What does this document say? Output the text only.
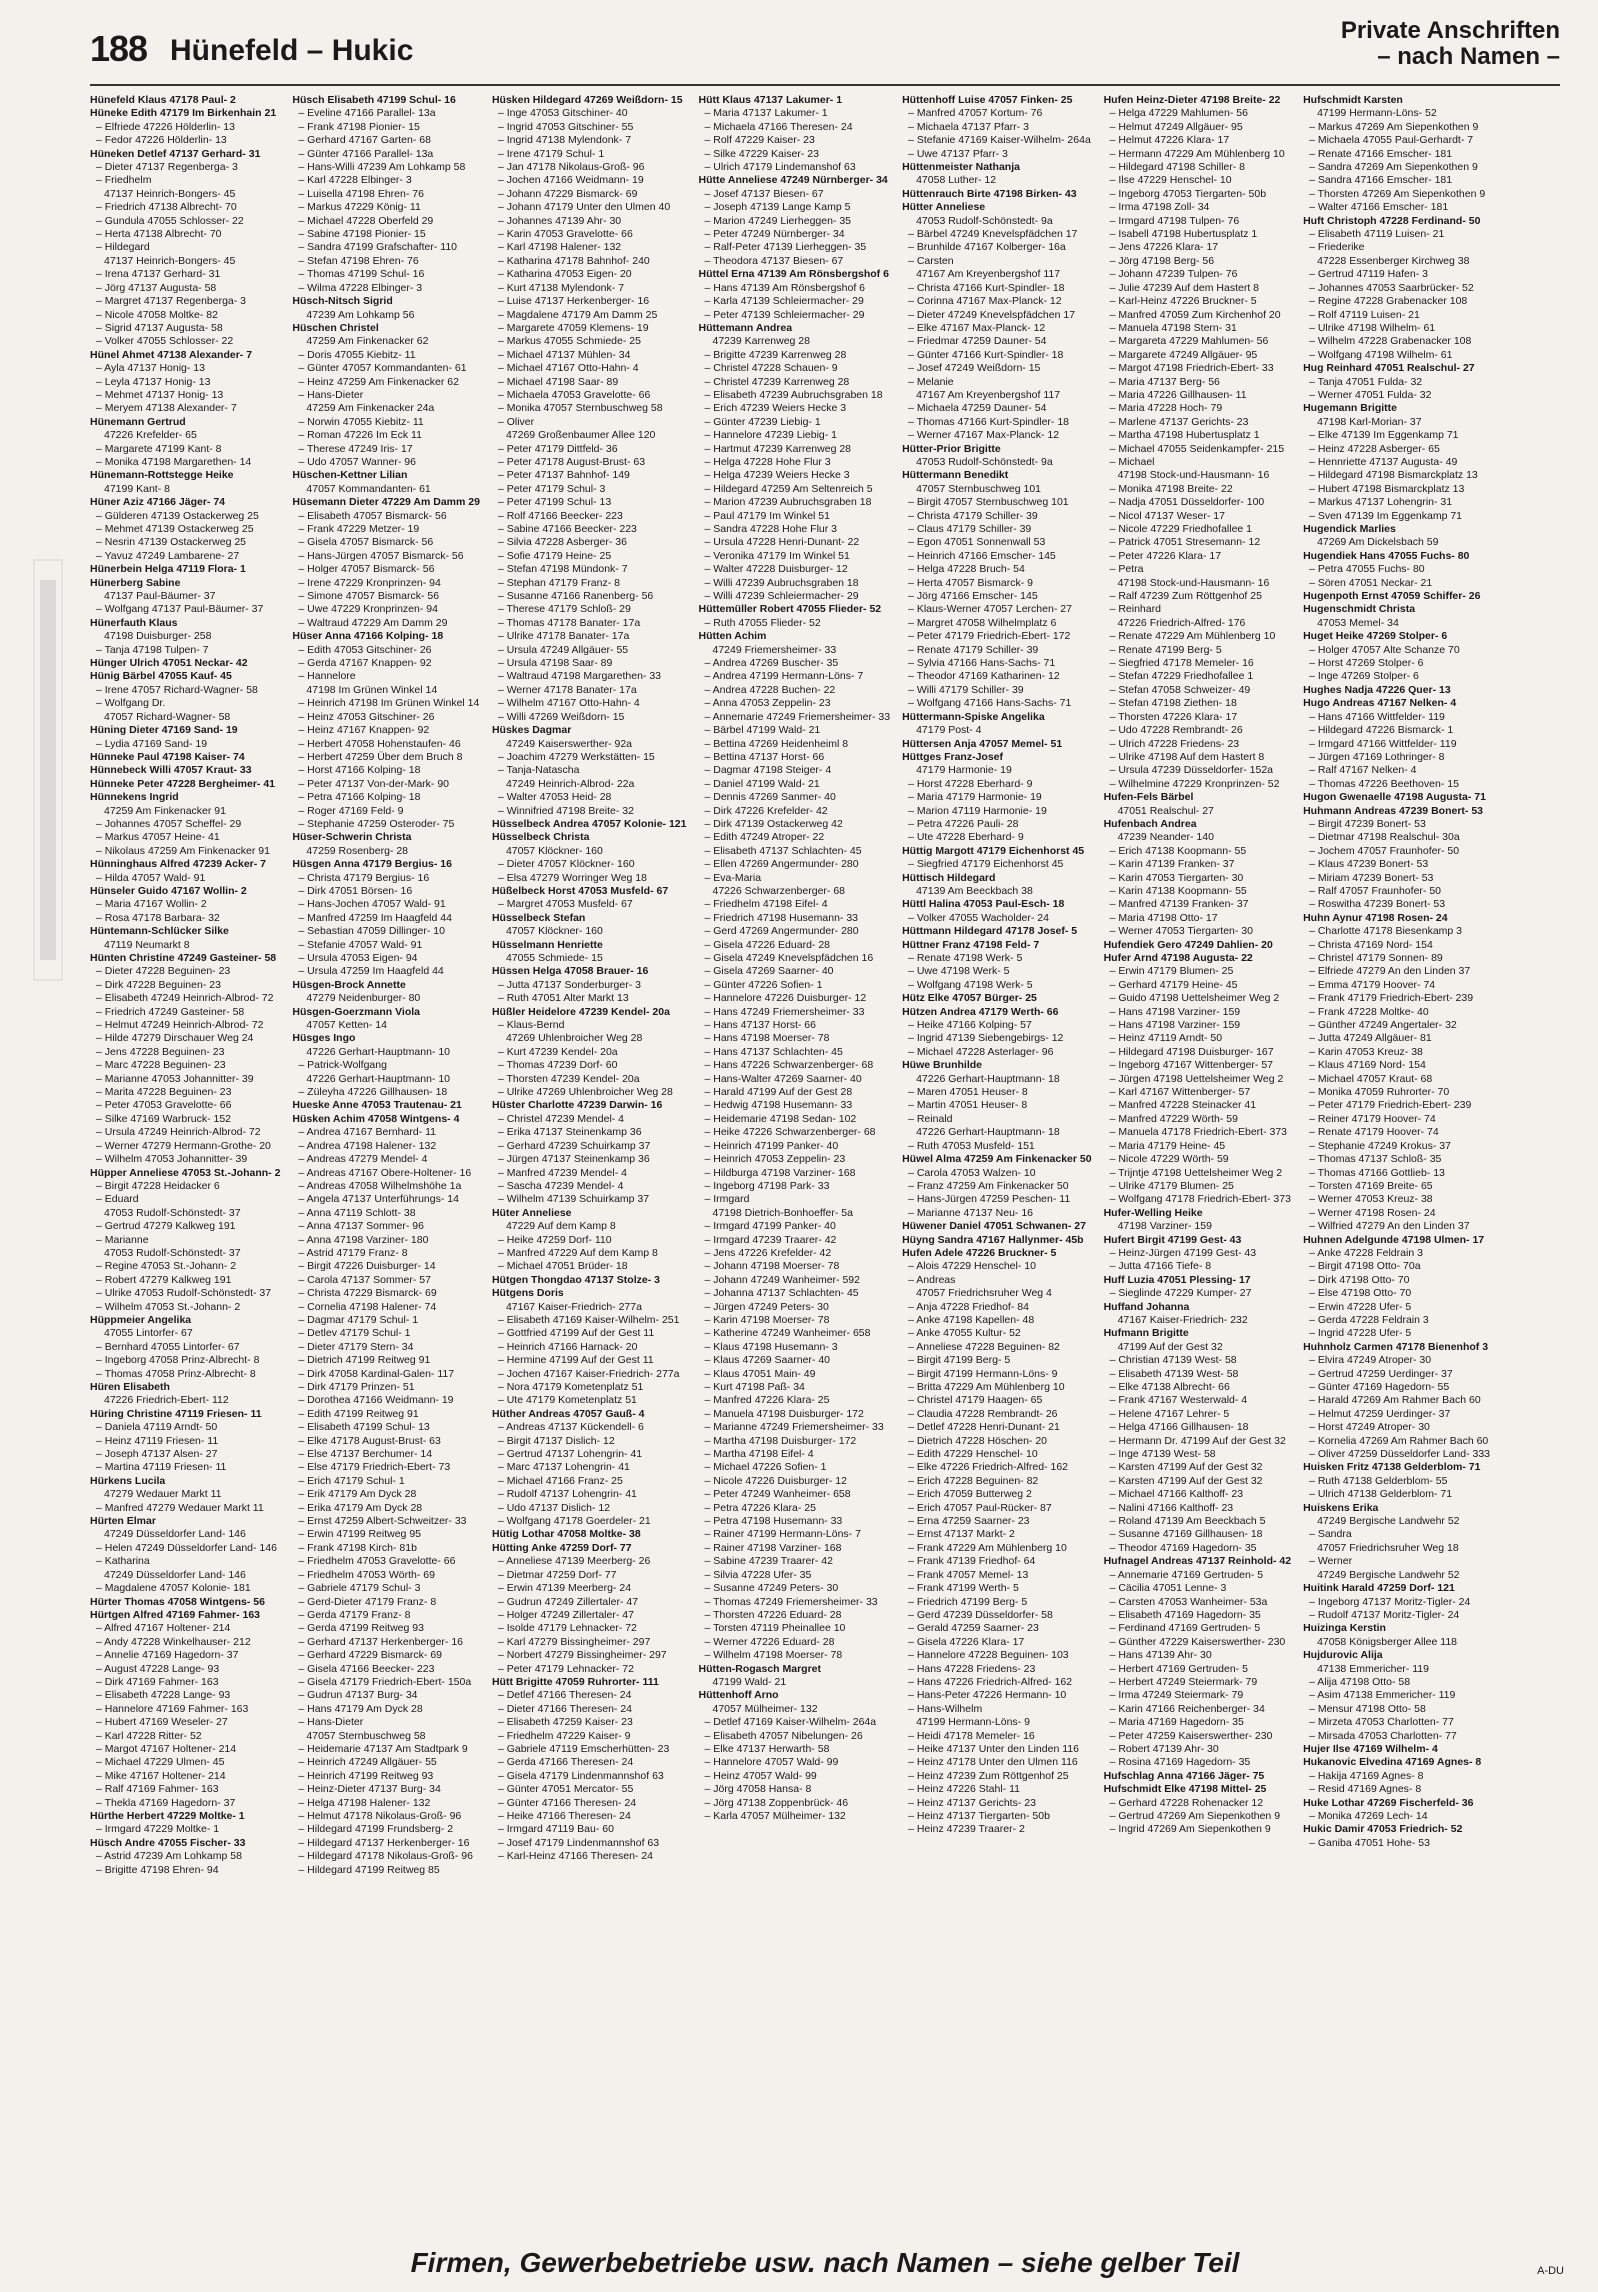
188 Hünefeld – Hukic
Private Anschriften
– nach Namen –
Hünefeld Klaus 47178 Paul- 2
Hüneke Edith 47179 Im Birkenhain 21
– Elfriede 47226 Hölderlin- 13
– Fedor 47226 Hölderlin- 13
Hüneken Detlef 47137 Gerhard- 31
– Dieter 47137 Regenberga- 3
– Friedhelm
47137 Heinrich-Bongers- 45
– Friedrich 47138 Albrecht- 70
– Gundula 47055 Schlosser- 22
– Herta 47138 Albrecht- 70
– Hildegard
47137 Heinrich-Bongers- 45
– Irena 47137 Gerhard- 31
– Jörg 47137 Augusta- 58
– Margret 47137 Regenberga- 3
– Nicole 47058 Moltke- 82
– Sigrid 47137 Augusta- 58
– Volker 47055 Schlosser- 22
Hünel Ahmet 47138 Alexander- 7
– Ayla 47137 Honig- 13
– Leyla 47137 Honig- 13
– Mehmet 47137 Honig- 13
– Meryem 47138 Alexander- 7
Hünemann Gertrud
47226 Krefelder- 65
– Margarete 47199 Kant- 8
– Monika 47198 Margarethen- 14
Hünemann-Rottstegge Heike
47199 Kant- 8
Hüner Aziz 47166 Jäger- 74
– Gülderen 47139 Ostackerweg 25
– Mehmet 47139 Ostackerweg 25
– Nesrin 47139 Ostackerweg 25
– Yavuz 47249 Lambarene- 27
Hünerbein Helga 47119 Flora- 1
Hünerberg Sabine
47137 Paul-Bäumer- 37
– Wolfgang 47137 Paul-Bäumer- 37
Hünerfauth Klaus
47198 Duisburger- 258
– Tanja 47198 Tulpen- 7
Hünger Ulrich 47051 Neckar- 42
Hünig Bärbel 47055 Kauf- 45
– Irene 47057 Richard-Wagner- 58
– Wolfgang Dr.
47057 Richard-Wagner- 58
Hüning Dieter 47169 Sand- 19
– Lydia 47169 Sand- 19
Hünneke Paul 47198 Kaiser- 74
Hünnebeck Willi 47057 Kraut- 33
Hünneke Peter 47228 Bergheimer- 41
Hünnekens Ingrid
47259 Am Finkenacker 91
– Johannes 47057 Scheffel- 29
– Markus 47057 Heine- 41
– Nikolaus 47259 Am Finkenacker 91
Hünninghaus Alfred 47239 Acker- 7
– Hilda 47057 Wald- 91
Hünseler Guido 47167 Wollin- 2
– Maria 47167 Wollin- 2
– Rosa 47178 Barbara- 32
Hüntemann-Schlücker Silke
47119 Neumarkt 8
Hünten Christine 47249 Gasteiner- 58
– Dieter 47228 Beguinen- 23
– Dirk 47228 Beguinen- 23
– Elisabeth 47249 Heinrich-Albrod- 72
– Friedrich 47249 Gasteiner- 58
– Helmut 47249 Heinrich-Albrod- 72
– Hilde 47279 Dirschauer Weg 24
– Jens 47228 Beguinen- 23
– Marc 47228 Beguinen- 23
– Marianne 47053 Johannitter- 39
– Marita 47228 Beguinen- 23
– Peter 47053 Gravelotte- 66
– Silke 47169 Warbruck- 152
– Ursula 47249 Heinrich-Albrod- 72
– Werner 47279 Hermann-Grothe- 20
– Wilhelm 47053 Johannitter- 39
Hüpper Anneliese 47053 St.-Johann- 2
– Birgit 47228 Heidacker 6
– Eduard
47053 Rudolf-Schönstedt- 37
– Gertrud 47279 Kalkweg 191
– Marianne
47053 Rudolf-Schönstedt- 37
– Regine 47053 St.-Johann- 2
– Robert 47279 Kalkweg 191
– Ulrike 47053 Rudolf-Schönstedt- 37
– Wilhelm 47053 St.-Johann- 2
Hüppmeier Angelika
47055 Lintorfer- 67
– Bernhard 47055 Lintorfer- 67
– Ingeborg 47058 Prinz-Albrecht- 8
– Thomas 47058 Prinz-Albrecht- 8
Hüren Elisabeth
47226 Friedrich-Ebert- 112
Hüring Christine 47119 Friesen- 11
– Daniela 47119 Arndt- 50
– Heinz 47119 Friesen- 11
– Joseph 47137 Alsen- 27
– Martina 47119 Friesen- 11
Hürkens Lucila
47279 Wedauer Markt 11
– Manfred 47279 Wedauer Markt 11
Hürten Elmar
47249 Düsseldorfer Land- 146
– Helen 47249 Düsseldorfer Land- 146
– Katharina
47249 Düsseldorfer Land- 146
– Magdalene 47057 Kolonie- 181
Hürter Thomas 47058 Wintgens- 56
Hürtgen Alfred 47169 Fahmer- 163
– Alfred 47167 Holtener- 214
– Andy 47228 Winkelhauser- 212
– Annelie 47169 Hagedorn- 37
– August 47228 Lange- 93
– Dirk 47169 Fahmer- 163
– Elisabeth 47228 Lange- 93
– Hannelore 47169 Fahmer- 163
– Hubert 47169 Weseler- 27
– Karl 47228 Ritter- 52
– Margot 47167 Holtener- 214
– Michael 47229 Ulmen- 45
– Mike 47167 Holtener- 214
– Ralf 47169 Fahmer- 163
– Thekla 47169 Hagedorn- 37
Hürthe Herbert 47229 Moltke- 1
– Irmgard 47229 Moltke- 1
Hüsch Andre 47055 Fischer- 33
– Astrid 47239 Am Lohkamp 58
– Brigitte 47198 Ehren- 94
Hüsch Elisabeth 47199 Schul- 16
– Eveline 47166 Parallel- 13a
– Frank 47198 Pionier- 15
– Gerhard 47167 Garten- 68
– Günter 47166 Parallel- 13a
– Hans-Willi 47239 Am Lohkamp 58
– Karl 47228 Elbinger- 3
– Luisella 47198 Ehren- 76
– Markus 47229 König- 11
– Michael 47228 Oberfeld 29
– Sabine 47198 Pionier- 15
– Sandra 47199 Grafschafter- 110
– Stefan 47198 Ehren- 76
– Thomas 47199 Schul- 16
– Wilma 47228 Elbinger- 3
Hüsch-Nitsch Sigrid
47239 Am Lohkamp 56
Hüschen Christel
47259 Am Finkenacker 62
– Doris 47055 Kiebitz- 11
– Günter 47057 Kommandanten- 61
– Heinz 47259 Am Finkenacker 62
– Hans-Dieter
47259 Am Finkenacker 24a
– Norwin 47055 Kiebitz- 11
– Roman 47226 Im Eck 11
– Therese 47249 Iris- 17
– Udo 47057 Wanner- 96
Hüschen-Kettner Lilian
47057 Kommandanten- 61
Hüsemann Dieter 47229 Am Damm 29
– Elisabeth 47057 Bismarck- 56
– Frank 47229 Metzer- 19
– Gisela 47057 Bismarck- 56
– Hans-Jürgen 47057 Bismarck- 56
– Holger 47057 Bismarck- 56
– Irene 47229 Kronprinzen- 94
– Simone 47057 Bismarck- 56
– Uwe 47229 Kronprinzen- 94
– Waltraud 47229 Am Damm 29
Hüser Anna 47166 Kolping- 18
– Edith 47053 Gitschiner- 26
– Gerda 47167 Knappen- 92
– Hannelore
47198 Im Grünen Winkel 14
– Heinrich 47198 Im Grünen Winkel 14
– Heinz 47053 Gitschiner- 26
– Heinz 47167 Knappen- 92
– Herbert 47058 Hohenstaufen- 46
– Herbert 47259 Über dem Bruch 8
– Horst 47166 Kolping- 18
– Peter 47137 Von-der-Mark- 90
– Petra 47166 Kolping- 18
– Roger 47169 Feld- 9
– Stephanie 47259 Osteroder- 75
Hüser-Schwerin Christa
47259 Rosenberg- 28
Hüsgen Anna 47179 Bergius- 16
– Christa 47179 Bergius- 16
– Dirk 47051 Börsen- 16
– Hans-Jochen 47057 Wald- 91
– Manfred 47259 Im Haagfeld 44
– Sebastian 47059 Dillinger- 10
– Stefanie 47057 Wald- 91
– Ursula 47053 Eigen- 94
– Ursula 47259 Im Haagfeld 44
Hüsgen-Brock Annette
47279 Neidenburger- 80
Hüsgen-Goerzmann Viola
47057 Ketten- 14
Hüsges Ingo
47226 Gerhart-Hauptmann- 10
– Patrick-Wolfgang
47226 Gerhart-Hauptmann- 10
– Züleyha 47226 Gillhausen- 18
Hueske Anne 47053 Trautenau- 21
Hüsken Achim 47058 Wintgens- 4
– Andrea 47167 Bernhard- 11
– Andrea 47198 Halener- 132
– Andreas 47279 Mendel- 4
– Andreas 47167 Obere-Holtener- 16
– Andreas 47058 Wilhelmshöhe 1a
– Angela 47137 Unterführungs- 14
– Anna 47119 Schlott- 38
– Anna 47137 Sommer- 96
– Anna 47198 Varziner- 180
– Astrid 47179 Franz- 8
– Birgit 47226 Duisburger- 14
– Carola 47137 Sommer- 57
– Christa 47229 Bismarck- 69
– Cornelia 47198 Halener- 74
– Dagmar 47179 Schul- 1
– Detlev 47179 Schul- 1
– Dieter 47179 Stern- 34
– Dietrich 47199 Reitweg 91
– Dirk 47058 Kardinal-Galen- 117
– Dirk 47179 Prinzen- 51
– Dorothea 47166 Weidmann- 19
– Edith 47199 Reitweg 91
– Elisabeth 47199 Schul- 13
– Elke 47178 August-Brust- 63
– Else 47137 Berchumer- 14
– Else 47179 Friedrich-Ebert- 73
– Erich 47179 Schul- 1
– Erik 47179 Am Dyck 28
– Erika 47179 Am Dyck 28
– Ernst 47259 Albert-Schweitzer- 33
– Erwin 47199 Reitweg 95
– Frank 47198 Kirch- 81b
– Friedhelm 47053 Gravelotte- 66
– Friedhelm 47053 Wörth- 69
– Gabriele 47179 Schul- 3
– Gerd-Dieter 47179 Franz- 8
– Gerda 47179 Franz- 8
– Gerda 47199 Reitweg 93
– Gerhard 47137 Herkenberger- 16
– Gerhard 47229 Bismarck- 69
– Gisela 47166 Beecker- 223
– Gisela 47179 Friedrich-Ebert- 150a
– Gudrun 47137 Burg- 34
– Hans 47179 Am Dyck 28
– Hans-Dieter
47057 Sternbuschweg 58
– Heidemarie 47137 Am Stadtpark 9
– Heinrich 47249 Allgäuer- 55
– Heinrich 47199 Reitweg 93
– Heinz-Dieter 47137 Burg- 34
– Helga 47198 Halener- 132
– Helmut 47178 Nikolaus-Groß- 96
– Hildegard 47199 Frundsberg- 2
– Hildegard 47137 Herkenberger- 16
– Hildegard 47178 Nikolaus-Groß- 96
– Hildegard 47199 Reitweg 85
Hüsken Hildegard 47269 Weißdorn- 15
– Inge 47053 Gitschiner- 40
– Ingrid 47053 Gitschiner- 55
– Ingrid 47138 Mylendonk- 7
– Irene 47179 Schul- 1
– Jan 47178 Nikolaus-Groß- 96
– Jochen 47166 Weidmann- 19
– Johann 47229 Bismarck- 69
– Johann 47179 Unter den Ulmen 40
– Johannes 47139 Ahr- 30
– Karin 47053 Gravelotte- 66
– Karl 47198 Halener- 132
– Katharina 47178 Bahnhof- 240
– Katharina 47053 Eigen- 20
– Kurt 47138 Mylendonk- 7
– Luise 47137 Herkenberger- 16
– Magdalene 47179 Am Damm 25
– Margarete 47059 Klemens- 19
– Markus 47055 Schmiede- 25
– Michael 47137 Mühlen- 34
– Michael 47167 Otto-Hahn- 4
– Michael 47198 Saar- 89
– Michaela 47053 Gravelotte- 66
– Monika 47057 Sternbuschweg 58
– Oliver
47269 Großenbaumer Allee 120
– Peter 47179 Dittfeld- 36
– Peter 47178 August-Brust- 63
– Peter 47137 Bahnhof- 149
– Peter 47179 Schul- 3
– Peter 47199 Schul- 13
– Rolf 47166 Beecker- 223
– Sabine 47166 Beecker- 223
– Silvia 47228 Asberger- 36
– Sofie 47179 Heine- 25
– Stefan 47198 Mündonk- 7
– Stephan 47179 Franz- 8
– Susanne 47166 Ranenberg- 56
– Therese 47179 Schloß- 29
– Thomas 47178 Banater- 17a
– Ulrike 47178 Banater- 17a
– Ursula 47249 Allgäuer- 55
– Ursula 47198 Saar- 89
– Waltraud 47198 Margarethen- 33
– Werner 47178 Banater- 17a
– Wilhelm 47167 Otto-Hahn- 4
– Willi 47269 Weißdorn- 15
Hüskes Dagmar
47249 Kaiserswerther- 92a
– Joachim 47279 Werkstätten- 15
– Tanja-Natascha
47249 Heinrich-Albrod- 22a
– Walter 47053 Heid- 28
– Winnifried 47198 Breite- 32
Hüsselbeck Andrea 47057 Kolonie- 121
Hüsselbeck Christa
47057 Klöckner- 160
– Dieter 47057 Klöckner- 160
– Elsa 47279 Worringer Weg 18
Hüßelbeck Horst 47053 Musfeld- 67
– Margret 47053 Musfeld- 67
Hüsselbeck Stefan
47057 Klöckner- 160
Hüsselmann Henriette
47055 Schmiede- 15
Hüssen Helga 47058 Brauer- 16
– Jutta 47137 Sonderburger- 3
– Ruth 47051 Alter Markt 13
Hüßler Heidelore 47239 Kendel- 20a
– Klaus-Bernd
47269 Uhlenbroicher Weg 28
– Kurt 47239 Kendel- 20a
– Thomas 47239 Dorf- 60
– Thorsten 47239 Kendel- 20a
– Ulrike 47269 Uhlenbroicher Weg 28
Hüster Charlotte 47239 Darwin- 16
– Christel 47239 Mendel- 4
– Erika 47137 Steinenkamp 36
– Gerhard 47239 Schuirkamp 37
– Jürgen 47137 Steinenkamp 36
– Manfred 47239 Mendel- 4
– Sascha 47239 Mendel- 4
– Wilhelm 47139 Schuirkamp 37
Hüter Anneliese
47229 Auf dem Kamp 8
– Heike 47259 Dorf- 110
– Manfred 47229 Auf dem Kamp 8
– Michael 47051 Brüder- 18
Hütgen Thongdao 47137 Stolze- 3
Hütgens Doris
47167 Kaiser-Friedrich- 277a
– Elisabeth 47169 Kaiser-Wilhelm- 251
– Gottfried 47199 Auf der Gest 11
– Heinrich 47166 Harnack- 20
– Hermine 47199 Auf der Gest 11
– Jochen 47167 Kaiser-Friedrich- 277a
– Nora 47179 Kometenplatz 51
– Ute 47179 Kometenplatz 51
Hüther Andreas 47057 Gauß- 4
– Andreas 47137 Kückendell- 6
– Birgit 47137 Dislich- 12
– Gertrud 47137 Lohengrin- 41
– Marc 47137 Lohengrin- 41
– Michael 47166 Franz- 25
– Rudolf 47137 Lohengrin- 41
– Udo 47137 Dislich- 12
– Wolfgang 47178 Goerdeler- 21
Hütig Lothar 47058 Moltke- 38
Hütting Anke 47259 Dorf- 77
– Anneliese 47139 Meerberg- 26
– Dietmar 47259 Dorf- 77
– Erwin 47139 Meerberg- 24
– Gudrun 47249 Zillertaler- 47
– Holger 47249 Zillertaler- 47
– Isolde 47179 Lehnacker- 72
– Karl 47279 Bissingheimer- 297
– Norbert 47279 Bissingheimer- 297
– Peter 47179 Lehnacker- 72
Hütt Brigitte 47059 Ruhrorter- 111
– Detlef 47166 Theresen- 24
– Dieter 47166 Theresen- 24
– Elisabeth 47259 Kaiser- 23
– Friedhelm 47229 Kaiser- 9
– Gabriele 47119 Emscherhütten- 23
– Gerda 47166 Theresen- 24
– Gisela 47179 Lindenmannshof 63
– Günter 47051 Mercator- 55
– Günter 47166 Theresen- 24
– Heike 47166 Theresen- 24
– Irmgard 47119 Bau- 60
– Josef 47179 Lindenmannshof 63
– Karl-Heinz 47166 Theresen- 24
Hütt Klaus 47137 Lakumer- 1
– Maria 47137 Lakumer- 1
– Michaela 47166 Theresen- 24
– Rolf 47229 Kaiser- 23
– Silke 47229 Kaiser- 23
– Ulrich 47179 Lindemanshof 63
Hütte Anneliese 47249 Nürnberger- 34
– Josef 47137 Biesen- 67
– Joseph 47139 Lange Kamp 5
– Marion 47249 Lierheggen- 35
– Peter 47249 Nürnberger- 34
– Ralf-Peter 47139 Lierheggen- 35
– Theodora 47137 Biesen- 67
Hüttel Erna 47139 Am Rönsbergshof 6
– Hans 47139 Am Rönsbergshof 6
– Karla 47139 Schleiermacher- 29
– Peter 47139 Schleiermacher- 29
Hüttemann Andrea
47239 Karrenweg 28
– Brigitte 47239 Karrenweg 28
– Christel 47228 Schauen- 9
– Christel 47239 Karrenweg 28
– Elisabeth 47239 Aubruchsgraben 18
– Erich 47239 Weiers Hecke 3
– Günter 47239 Liebig- 1
– Hannelore 47239 Liebig- 1
– Hartmut 47239 Karrenweg 28
– Helga 47228 Hohe Flur 3
– Helga 47239 Weiers Hecke 3
– Hildegard 47259 Am Seltenreich 5
– Marion 47239 Aubruchsgraben 18
– Paul 47179 Im Winkel 51
– Sandra 47228 Hohe Flur 3
– Ursula 47228 Henri-Dunant- 22
– Veronika 47179 Im Winkel 51
– Walter 47228 Duisburger- 12
– Willi 47239 Aubruchsgraben 18
– Willi 47239 Schleiermacher- 29
Hüttemüller Robert 47055 Flieder- 52
– Ruth 47055 Flieder- 52
Hütten Achim
47249 Friemersheimer- 33
– Andrea 47269 Buscher- 35
– Andrea 47199 Hermann-Löns- 7
– Andrea 47228 Buchen- 22
– Anna 47053 Zeppelin- 23
– Annemarie 47249 Friemersheimer- 33
– Bärbel 47199 Wald- 21
– Bettina 47269 Heidenheiml 8
– Bettina 47137 Horst- 66
– Dagmar 47198 Steiger- 4
– Daniel 47199 Wald- 21
– Dennis 47269 Sanmer- 40
– Dirk 47226 Krefelder- 42
– Dirk 47139 Ostackerweg 42
– Edith 47249 Atroper- 22
– Elisabeth 47137 Schlachten- 45
– Ellen 47269 Angermunder- 280
– Eva-Maria
47226 Schwarzenberger- 68
– Friedhelm 47198 Eifel- 4
– Friedrich 47198 Husemann- 33
– Gerd 47269 Angermunder- 280
– Gisela 47226 Eduard- 28
– Gisela 47249 Knevelspfädchen 16
– Gisela 47269 Saarner- 40
– Günter 47226 Sofien- 1
– Hannelore 47226 Duisburger- 12
– Hans 47249 Friemersheimer- 33
– Hans 47137 Horst- 66
– Hans 47198 Moerser- 78
– Hans 47137 Schlachten- 45
– Hans 47226 Schwarzenberger- 68
– Hans-Walter 47269 Saarner- 40
– Harald 47199 Auf der Gest 28
– Hedwig 47198 Husemann- 33
– Heidemarie 47198 Sedan- 102
– Heike 47226 Schwarzenberger- 68
– Heinrich 47199 Panker- 40
– Heinrich 47053 Zeppelin- 23
– Hildburga 47198 Varziner- 168
– Ingeborg 47198 Park- 33
– Irmgard
47198 Dietrich-Bonhoeffer- 5a
– Irmgard 47199 Panker- 40
– Irmgard 47239 Traarer- 42
– Jens 47226 Krefelder- 42
– Johann 47198 Moerser- 78
– Johann 47249 Wanheimer- 592
– Johanna 47137 Schlachten- 45
– Jürgen 47249 Peters- 30
– Karin 47198 Moerser- 78
– Katherine 47249 Wanheimer- 658
– Klaus 47198 Husemann- 3
– Klaus 47269 Saarner- 40
– Klaus 47051 Main- 49
– Kurt 47198 Paß- 34
– Manfred 47226 Klara- 25
– Manuela 47198 Duisburger- 172
– Marianne 47249 Friemersheimer- 33
– Martha 47198 Duisburger- 172
– Martha 47198 Eifel- 4
– Michael 47226 Sofien- 1
– Nicole 47226 Duisburger- 12
– Peter 47249 Wanheimer- 658
– Petra 47226 Klara- 25
– Petra 47198 Husemann- 33
– Rainer 47199 Hermann-Löns- 7
– Rainer 47198 Varziner- 168
– Sabine 47239 Traarer- 42
– Silvia 47228 Ufer- 35
– Susanne 47249 Peters- 30
– Thomas 47249 Friemersheimer- 33
– Thorsten 47226 Eduard- 28
– Torsten 47119 Pheinallee 10
– Werner 47226 Eduard- 28
– Wilhelm 47198 Moerser- 78
Hütten-Rogasch Margret
47199 Wald- 21
Hüttenhoff Arno
47057 Mülheimer- 132
– Detlef 47169 Kaiser-Wilhelm- 264a
– Elisabeth 47057 Nibelungen- 26
– Elke 47137 Herwarth- 58
– Hannelore 47057 Wald- 99
– Heinz 47057 Wald- 99
– Jörg 47058 Hansa- 8
– Jörg 47138 Zoppenbrück- 46
– Karla 47057 Mülheimer- 132
Hüttenhoff Luise 47057 Finken- 25
– Manfred 47057 Kortum- 76
– Michaela 47137 Pfarr- 3
– Stefanie 47169 Kaiser-Wilhelm- 264a
– Uwe 47137 Pfarr- 3
Hüttenmeister Nathanja
47058 Luther- 12
Hüttenrauch Birte 47198 Birken- 43
Hütter Anneliese
47053 Rudolf-Schönstedt- 9a
– Bärbel 47249 Knevelspfädchen 17
– Brunhilde 47167 Kolberger- 16a
– Carsten
47167 Am Kreyenbergshof 117
– Christa 47166 Kurt-Spindler- 18
– Corinna 47167 Max-Planck- 12
– Dieter 47249 Knevelspfädchen 17
– Elke 47167 Max-Planck- 12
– Friedmar 47259 Dauner- 54
– Günter 47166 Kurt-Spindler- 18
– Josef 47249 Weißdorn- 15
– Melanie
47167 Am Kreyenbergshof 117
– Michaela 47259 Dauner- 54
– Thomas 47166 Kurt-Spindler- 18
– Werner 47167 Max-Planck- 12
Hütter-Prior Brigitte
47053 Rudolf-Schönstedt- 9a
Hüttermann Benedikt
47057 Sternbuschweg 101
– Birgit 47057 Sternbuschweg 101
– Christa 47179 Schiller- 39
– Claus 47179 Schiller- 39
– Egon 47051 Sonnenwall 53
– Heinrich 47166 Emscher- 145
– Helga 47228 Bruch- 54
– Herta 47057 Bismarck- 9
– Jörg 47166 Emscher- 145
– Klaus-Werner 47057 Lerchen- 27
– Margret 47058 Wilhelmplatz 6
– Peter 47179 Friedrich-Ebert- 172
– Renate 47179 Schiller- 39
– Sylvia 47166 Hans-Sachs- 71
– Theodor 47169 Katharinen- 12
– Willi 47179 Schiller- 39
– Wolfgang 47166 Hans-Sachs- 71
Hüttermann-Spiske Angelika
47179 Post- 4
Hüttersen Anja 47057 Memel- 51
Hüttges Franz-Josef
47179 Harmonie- 19
– Horst 47228 Eberhard- 9
– Maria 47179 Harmonie- 19
– Marion 47119 Harmonie- 19
– Petra 47226 Pauli- 28
– Ute 47228 Eberhard- 9
Hüttig Margott 47179 Eichenhorst 45
– Siegfried 47179 Eichenhorst 45
Hüttisch Hildegard
47139 Am Beeckbach 38
Hüttl Halina 47053 Paul-Esch- 18
– Volker 47055 Wacholder- 24
Hüttmann Hildegard 47178 Josef- 5
Hüttner Franz 47198 Feld- 7
– Renate 47198 Werk- 5
– Uwe 47198 Werk- 5
– Wolfgang 47198 Werk- 5
Hütz Elke 47057 Bürger- 25
Hützen Andrea 47179 Werth- 66
– Heike 47166 Kolping- 57
– Ingrid 47139 Siebengebirgs- 12
– Michael 47228 Asterlager- 96
Hüwe Brunhilde
47226 Gerhart-Hauptmann- 18
– Maren 47051 Heuser- 8
– Martin 47051 Heuser- 8
– Reinald
47226 Gerhart-Hauptmann- 18
– Ruth 47053 Musfeld- 151
Hüwel Alma 47259 Am Finkenacker 50
– Carola 47053 Walzen- 10
– Franz 47259 Am Finkenacker 50
– Hans-Jürgen 47259 Peschen- 11
– Marianne 47137 Neu- 16
Hüwener Daniel 47051 Schwanen- 27
Hüyng Sandra 47167 Hallynmer- 45b
Hufen Adele 47226 Bruckner- 5
– Alois 47229 Henschel- 10
– Andreas
47057 Friedrichsruher Weg 4
– Anja 47228 Friedhof- 84
– Anke 47198 Kapellen- 48
– Anke 47055 Kultur- 52
– Anneliese 47228 Beguinen- 82
– Birgit 47199 Berg- 5
– Birgit 47199 Hermann-Löns- 9
– Britta 47229 Am Mühlenberg 10
– Christel 47179 Haagen- 65
– Claudia 47228 Rembrandt- 26
– Detlef 47228 Henri-Dunant- 21
– Dietrich 47228 Höschen- 20
– Edith 47229 Henschel- 10
– Elke 47226 Friedrich-Alfred- 162
– Erich 47228 Beguinen- 82
– Erich 47059 Butterweg 2
– Erich 47057 Paul-Rücker- 87
– Erna 47259 Saarner- 23
– Ernst 47137 Markt- 2
– Frank 47229 Am Mühlenberg 10
– Frank 47139 Friedhof- 64
– Frank 47057 Memel- 13
– Frank 47199 Werth- 5
– Friedrich 47199 Berg- 5
– Gerd 47239 Düsseldorfer- 58
– Gerald 47259 Saarner- 23
– Gisela 47226 Klara- 17
– Hannelore 47228 Beguinen- 103
– Hans 47228 Friedens- 23
– Hans 47226 Friedrich-Alfred- 162
– Hans-Peter 47226 Hermann- 10
– Hans-Wilhelm
47199 Hermann-Löns- 9
– Heidi 47178 Memeler- 16
– Heike 47137 Unter den Linden 116
– Heinz 47178 Unter den Ulmen 116
– Heinz 47239 Zum Röttgenhof 25
– Heinz 47226 Stahl- 11
– Heinz 47137 Gerichts- 23
– Heinz 47137 Tiergarten- 50b
– Heinz 47239 Traarer- 2
Hufen Heinz-Dieter 47198 Breite- 22
– Helga 47229 Mahlumen- 56
– Helmut 47249 Allgäuer- 95
– Helmut 47226 Klara- 17
– Hermann 47229 Am Mühlenberg 10
– Hildegard 47198 Schiller- 8
– Ilse 47229 Henschel- 10
– Ingeborg 47053 Tiergarten- 50b
– Irma 47198 Zoll- 34
– Irmgard 47198 Tulpen- 76
– Isabell 47198 Hubertusplatz 1
– Jens 47226 Klara- 17
– Jörg 47198 Berg- 56
– Johann 47239 Tulpen- 76
– Julie 47239 Auf dem Hastert 8
– Karl-Heinz 47226 Bruckner- 5
– Manfred 47059 Zum Kirchenhof 20
– Manuela 47198 Stern- 31
– Margareta 47229 Mahlumen- 56
– Margarete 47249 Allgäuer- 95
– Margot 47198 Friedrich-Ebert- 33
– Maria 47137 Berg- 56
– Maria 47226 Gillhausen- 11
– Maria 47228 Hoch- 79
– Marlene 47137 Gerichts- 23
– Martha 47198 Hubertusplatz 1
– Michael 47055 Seidenkampfer- 215
– Michael
47198 Stock-und-Hausmann- 16
– Monika 47198 Breite- 22
– Nadja 47051 Düsseldorfer- 100
– Nicol 47137 Weser- 17
– Nicole 47229 Friedhofallee 1
– Patrick 47051 Stresemann- 12
– Peter 47226 Klara- 17
– Petra
47198 Stock-und-Hausmann- 16
– Ralf 47239 Zum Röttgenhof 25
– Reinhard
47226 Friedrich-Alfred- 176
– Renate 47229 Am Mühlenberg 10
– Renate 47199 Berg- 5
– Siegfried 47178 Memeler- 16
– Stefan 47229 Friedhofallee 1
– Stefan 47058 Schweizer- 49
– Stefan 47198 Ziethen- 18
– Thorsten 47226 Klara- 17
– Udo 47228 Rembrandt- 26
– Ulrich 47228 Friedens- 23
– Ulrike 47198 Auf dem Hastert 8
– Ursula 47239 Düsseldorfer- 152a
– Wilhelmine 47229 Kronprinzen- 52
Hufen-Fels Bärbel
47051 Realschul- 27
Hufenbach Andrea
47239 Neander- 140
– Erich 47138 Koopmann- 55
– Karin 47139 Franken- 37
– Karin 47053 Tiergarten- 30
– Karin 47138 Koopmann- 55
– Manfred 47139 Franken- 37
– Maria 47198 Otto- 17
– Werner 47053 Tiergarten- 30
Hufendiek Gero 47249 Dahlien- 20
Hufer Arnd 47198 Augusta- 22
– Erwin 47179 Blumen- 25
– Gerhard 47179 Heine- 45
– Guido 47198 Uettelsheimer Weg 2
– Hans 47198 Varziner- 159
– Hans 47198 Varziner- 159
– Heinz 47119 Arndt- 50
– Hildegard 47198 Duisburger- 167
– Ingeborg 47167 Wittenberger- 57
– Jürgen 47198 Uettelsheimer Weg 2
– Karl 47167 Wittenberger- 57
– Manfred 47228 Steinacker 41
– Manfred 47229 Wörth- 59
– Manuela 47178 Friedrich-Ebert- 373
– Maria 47179 Heine- 45
– Nicole 47229 Wörth- 59
– Trijntje 47198 Uettelsheimer Weg 2
– Ulrike 47179 Blumen- 25
– Wolfgang 47178 Friedrich-Ebert- 373
Hufer-Welling Heike
47198 Varziner- 159
Hufert Birgit 47199 Gest- 43
– Heinz-Jürgen 47199 Gest- 43
– Jutta 47166 Tiefe- 8
Huff Luzia 47051 Plessing- 17
– Sieglinde 47229 Kumper- 27
Huffand Johanna
47167 Kaiser-Friedrich- 232
Hufmann Brigitte
47199 Auf der Gest 32
– Christian 47139 West- 58
– Elisabeth 47139 West- 58
– Elke 47138 Albrecht- 66
– Frank 47167 Westerwald- 4
– Helene 47167 Lehrer- 5
– Helga 47166 Gillhausen- 18
– Hermann Dr. 47199 Auf der Gest 32
– Inge 47139 West- 58
– Karsten 47199 Auf der Gest 32
– Karsten 47199 Auf der Gest 32
– Michael 47166 Kalthoff- 23
– Nalini 47166 Kalthoff- 23
– Roland 47139 Am Beeckbach 5
– Susanne 47169 Gillhausen- 18
– Theodor 47169 Hagedorn- 35
Hufnagel Andreas 47137 Reinhold- 42
– Annemarie 47169 Gertruden- 5
– Cäcilia 47051 Lenne- 3
– Carsten 47053 Wanheimer- 53a
– Elisabeth 47169 Hagedorn- 35
– Ferdinand 47169 Gertruden- 5
– Günther 47229 Kaiserswerther- 230
– Hans 47139 Ahr- 30
– Herbert 47169 Gertruden- 5
– Herbert 47249 Steiermark- 79
– Irma 47249 Steiermark- 79
– Karin 47166 Reichenberger- 34
– Maria 47169 Hagedorn- 35
– Peter 47259 Kaiserswerther- 230
– Robert 47139 Ahr- 30
– Rosina 47169 Hagedorn- 35
Hufschlag Anna 47166 Jäger- 75
Hufschmidt Elke 47198 Mittel- 25
– Gerhard 47228 Rohenacker 12
– Gertrud 47269 Am Siepenkothen 9
– Ingrid 47269 Am Siepenkothen 9
Hufschmidt Karsten
47199 Hermann-Löns- 52
– Markus 47269 Am Siepenkothen 9
– Michaela 47055 Paul-Gerhardt- 7
– Renate 47166 Emscher- 181
– Sandra 47269 Am Siepenkothen 9
– Sandra 47166 Emscher- 181
– Thorsten 47269 Am Siepenkothen 9
– Walter 47166 Emscher- 181
Huft Christoph 47228 Ferdinand- 50
– Elisabeth 47119 Luisen- 21
– Friederike
47228 Essenberger Kirchweg 38
– Gertrud 47119 Hafen- 3
– Johannes 47053 Saarbrücker- 52
– Regine 47228 Grabenacker 108
– Rolf 47119 Luisen- 21
– Ulrike 47198 Wilhelm- 61
– Wilhelm 47228 Grabenacker 108
– Wolfgang 47198 Wilhelm- 61
Hug Reinhard 47051 Realschul- 27
– Tanja 47051 Fulda- 32
– Werner 47051 Fulda- 32
Hugemann Brigitte
47198 Karl-Morian- 37
– Elke 47139 Im Eggenkamp 71
– Heinz 47228 Asberger- 65
– Hennriette 47137 Augusta- 49
– Hildegard 47198 Bismarckplatz 13
– Hubert 47198 Bismarckplatz 13
– Markus 47137 Lohengrin- 31
– Sven 47139 Im Eggenkamp 71
Hugendick Marlies
47269 Am Dickelsbach 59
Hugendiek Hans 47055 Fuchs- 80
– Petra 47055 Fuchs- 80
– Sören 47051 Neckar- 21
Hugenpoth Ernst 47059 Schiffer- 26
Hugenschmidt Christa
47053 Memel- 34
Huget Heike 47269 Stolper- 6
– Holger 47057 Alte Schanze 70
– Horst 47269 Stolper- 6
– Inge 47269 Stolper- 6
Hughes Nadja 47226 Quer- 13
Hugo Andreas 47167 Nelken- 4
– Hans 47166 Wittfelder- 119
– Hildegard 47226 Bismarck- 1
– Irmgard 47166 Wittfelder- 119
– Jürgen 47169 Lothringer- 8
– Ralf 47167 Nelken- 4
– Thomas 47226 Beethoven- 15
Hugon Gwenaelle 47198 Augusta- 71
Huhmann Andreas 47239 Bonert- 53
– Birgit 47239 Bonert- 53
– Dietmar 47198 Realschul- 30a
– Jochem 47057 Fraunhofer- 50
– Klaus 47239 Bonert- 53
– Miriam 47239 Bonert- 53
– Ralf 47057 Fraunhofer- 50
– Roswitha 47239 Bonert- 53
Huhn Aynur 47198 Rosen- 24
– Charlotte 47178 Biesenkamp 3
– Christa 47169 Nord- 154
– Christel 47179 Sonnen- 89
– Elfriede 47279 An den Linden 37
– Emma 47179 Hoover- 74
– Frank 47179 Friedrich-Ebert- 239
– Frank 47228 Moltke- 40
– Günther 47249 Angertaler- 32
– Jutta 47249 Allgäuer- 81
– Karin 47053 Kreuz- 38
– Klaus 47169 Nord- 154
– Michael 47057 Kraut- 68
– Monika 47059 Ruhrorter- 70
– Peter 47179 Friedrich-Ebert- 239
– Reiner 47179 Hoover- 74
– Renate 47179 Hoover- 74
– Stephanie 47249 Krokus- 37
– Thomas 47137 Schloß- 35
– Thomas 47166 Gottlieb- 13
– Torsten 47169 Breite- 65
– Werner 47053 Kreuz- 38
– Werner 47198 Rosen- 24
– Wilfried 47279 An den Linden 37
Huhnen Adelgunde 47198 Ulmen- 17
– Anke 47228 Feldrain 3
– Birgit 47198 Otto- 70a
– Dirk 47198 Otto- 70
– Else 47198 Otto- 70
– Erwin 47228 Ufer- 5
– Gerda 47228 Feldrain 3
– Ingrid 47228 Ufer- 5
Huhnholz Carmen 47178 Bienenhof 3
– Elvira 47249 Atroper- 30
– Gertrud 47259 Uerdinger- 37
– Günter 47169 Hagedorn- 55
– Harald 47269 Am Rahmer Bach 60
– Helmut 47259 Uerdinger- 37
– Horst 47249 Atroper- 30
– Kornelia 47269 Am Rahmer Bach 60
– Oliver 47259 Düsseldorfer Land- 333
Huisken Fritz 47138 Gelderblom- 71
– Ruth 47138 Gelderblom- 55
– Ulrich 47138 Gelderblom- 71
Huiskens Erika
47249 Bergische Landwehr 52
– Sandra
47057 Friedrichsruher Weg 18
– Werner
47249 Bergische Landwehr 52
Huitink Harald 47259 Dorf- 121
– Ingeborg 47137 Moritz-Tigler- 24
– Rudolf 47137 Moritz-Tigler- 24
Huizinga Kerstin
47058 Königsberger Allee 118
Hujdurovic Alija
47138 Emmericher- 119
– Alija 47198 Otto- 58
– Asim 47138 Emmericher- 119
– Mensur 47198 Otto- 58
– Mirzeta 47053 Charlotten- 77
– Mirsada 47053 Charlotten- 77
Hujer Ilse 47169 Wilhelm- 4
Hukanovic Elvedina 47169 Agnes- 8
– Hakija 47169 Agnes- 8
– Resid 47169 Agnes- 8
Huke Lothar 47269 Fischerfeld- 36
– Monika 47269 Lech- 14
Hukic Damir 47053 Friedrich- 52
– Ganiba 47051 Hohe- 53
Firmen, Gewerbebetriebe usw. nach Namen – siehe gelber Teil	A-DU
